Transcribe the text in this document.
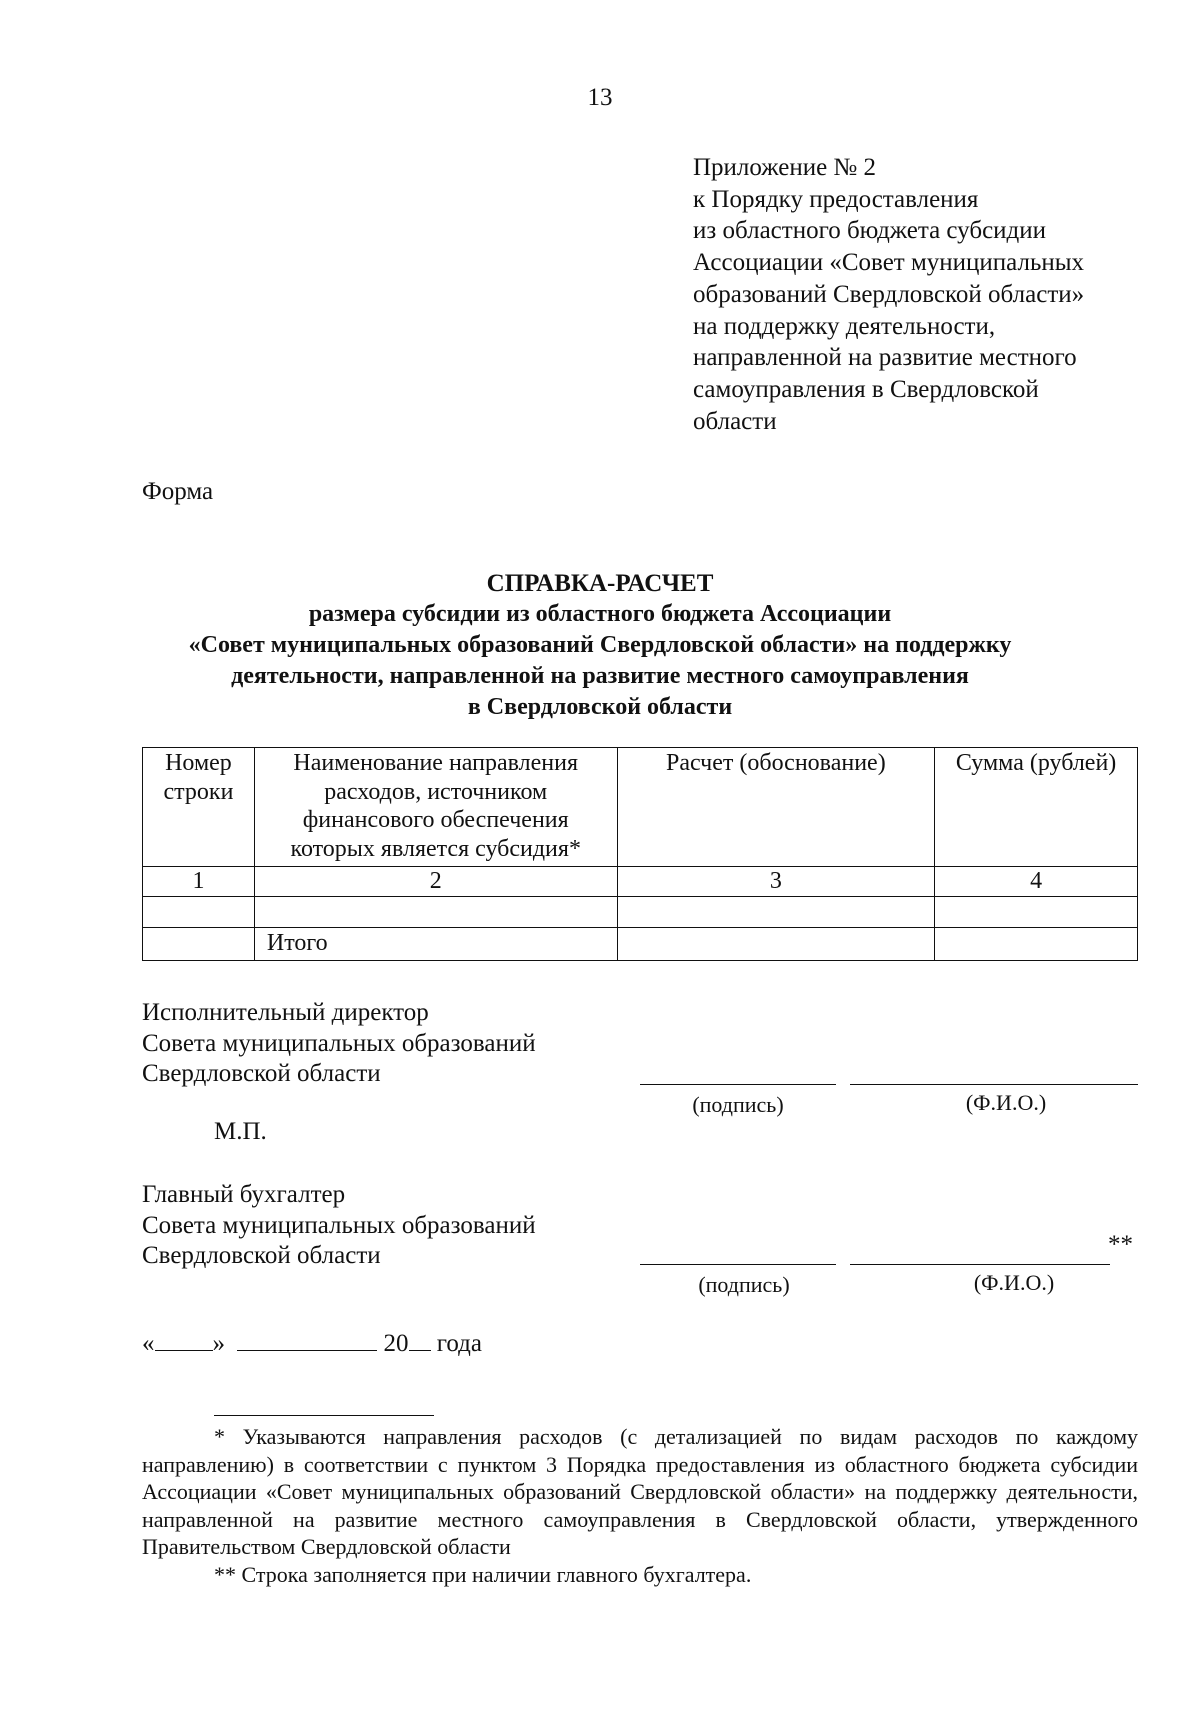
13
Приложение № 2
к Порядку предоставления
из областного бюджета субсидии
Ассоциации «Совет муниципальных
образований Свердловской области»
на поддержку деятельности,
направленной на развитие местного
самоуправления в Свердловской
области
Форма
СПРАВКА-РАСЧЕТ
размера субсидии из областного бюджета Ассоциации
«Совет муниципальных образований Свердловской области» на поддержку
деятельности, направленной на развитие местного самоуправления
в Свердловской области
Номер строки	Наименование направления расходов, источником финансового обеспечения которых является субсидия*	Расчет (обоснование)	Сумма (рублей)
1	2	3	4

	Итого		
Исполнительный директор
Совета муниципальных образований
Свердловской области
(подпись)	(Ф.И.О.)
М.П.
Главный бухгалтер
Совета муниципальных образований
Свердловской области	**
(подпись)	(Ф.И.О.)
« »	20 года
* Указываются направления расходов (с детализацией по видам расходов по каждому направлению) в соответствии с пунктом 3 Порядка предоставления из областного бюджета субсидии Ассоциации «Совет муниципальных образований Свердловской области» на поддержку деятельности, направленной на развитие местного самоуправления в Свердловской области, утвержденного Правительством Свердловской области
** Строка заполняется при наличии главного бухгалтера.
